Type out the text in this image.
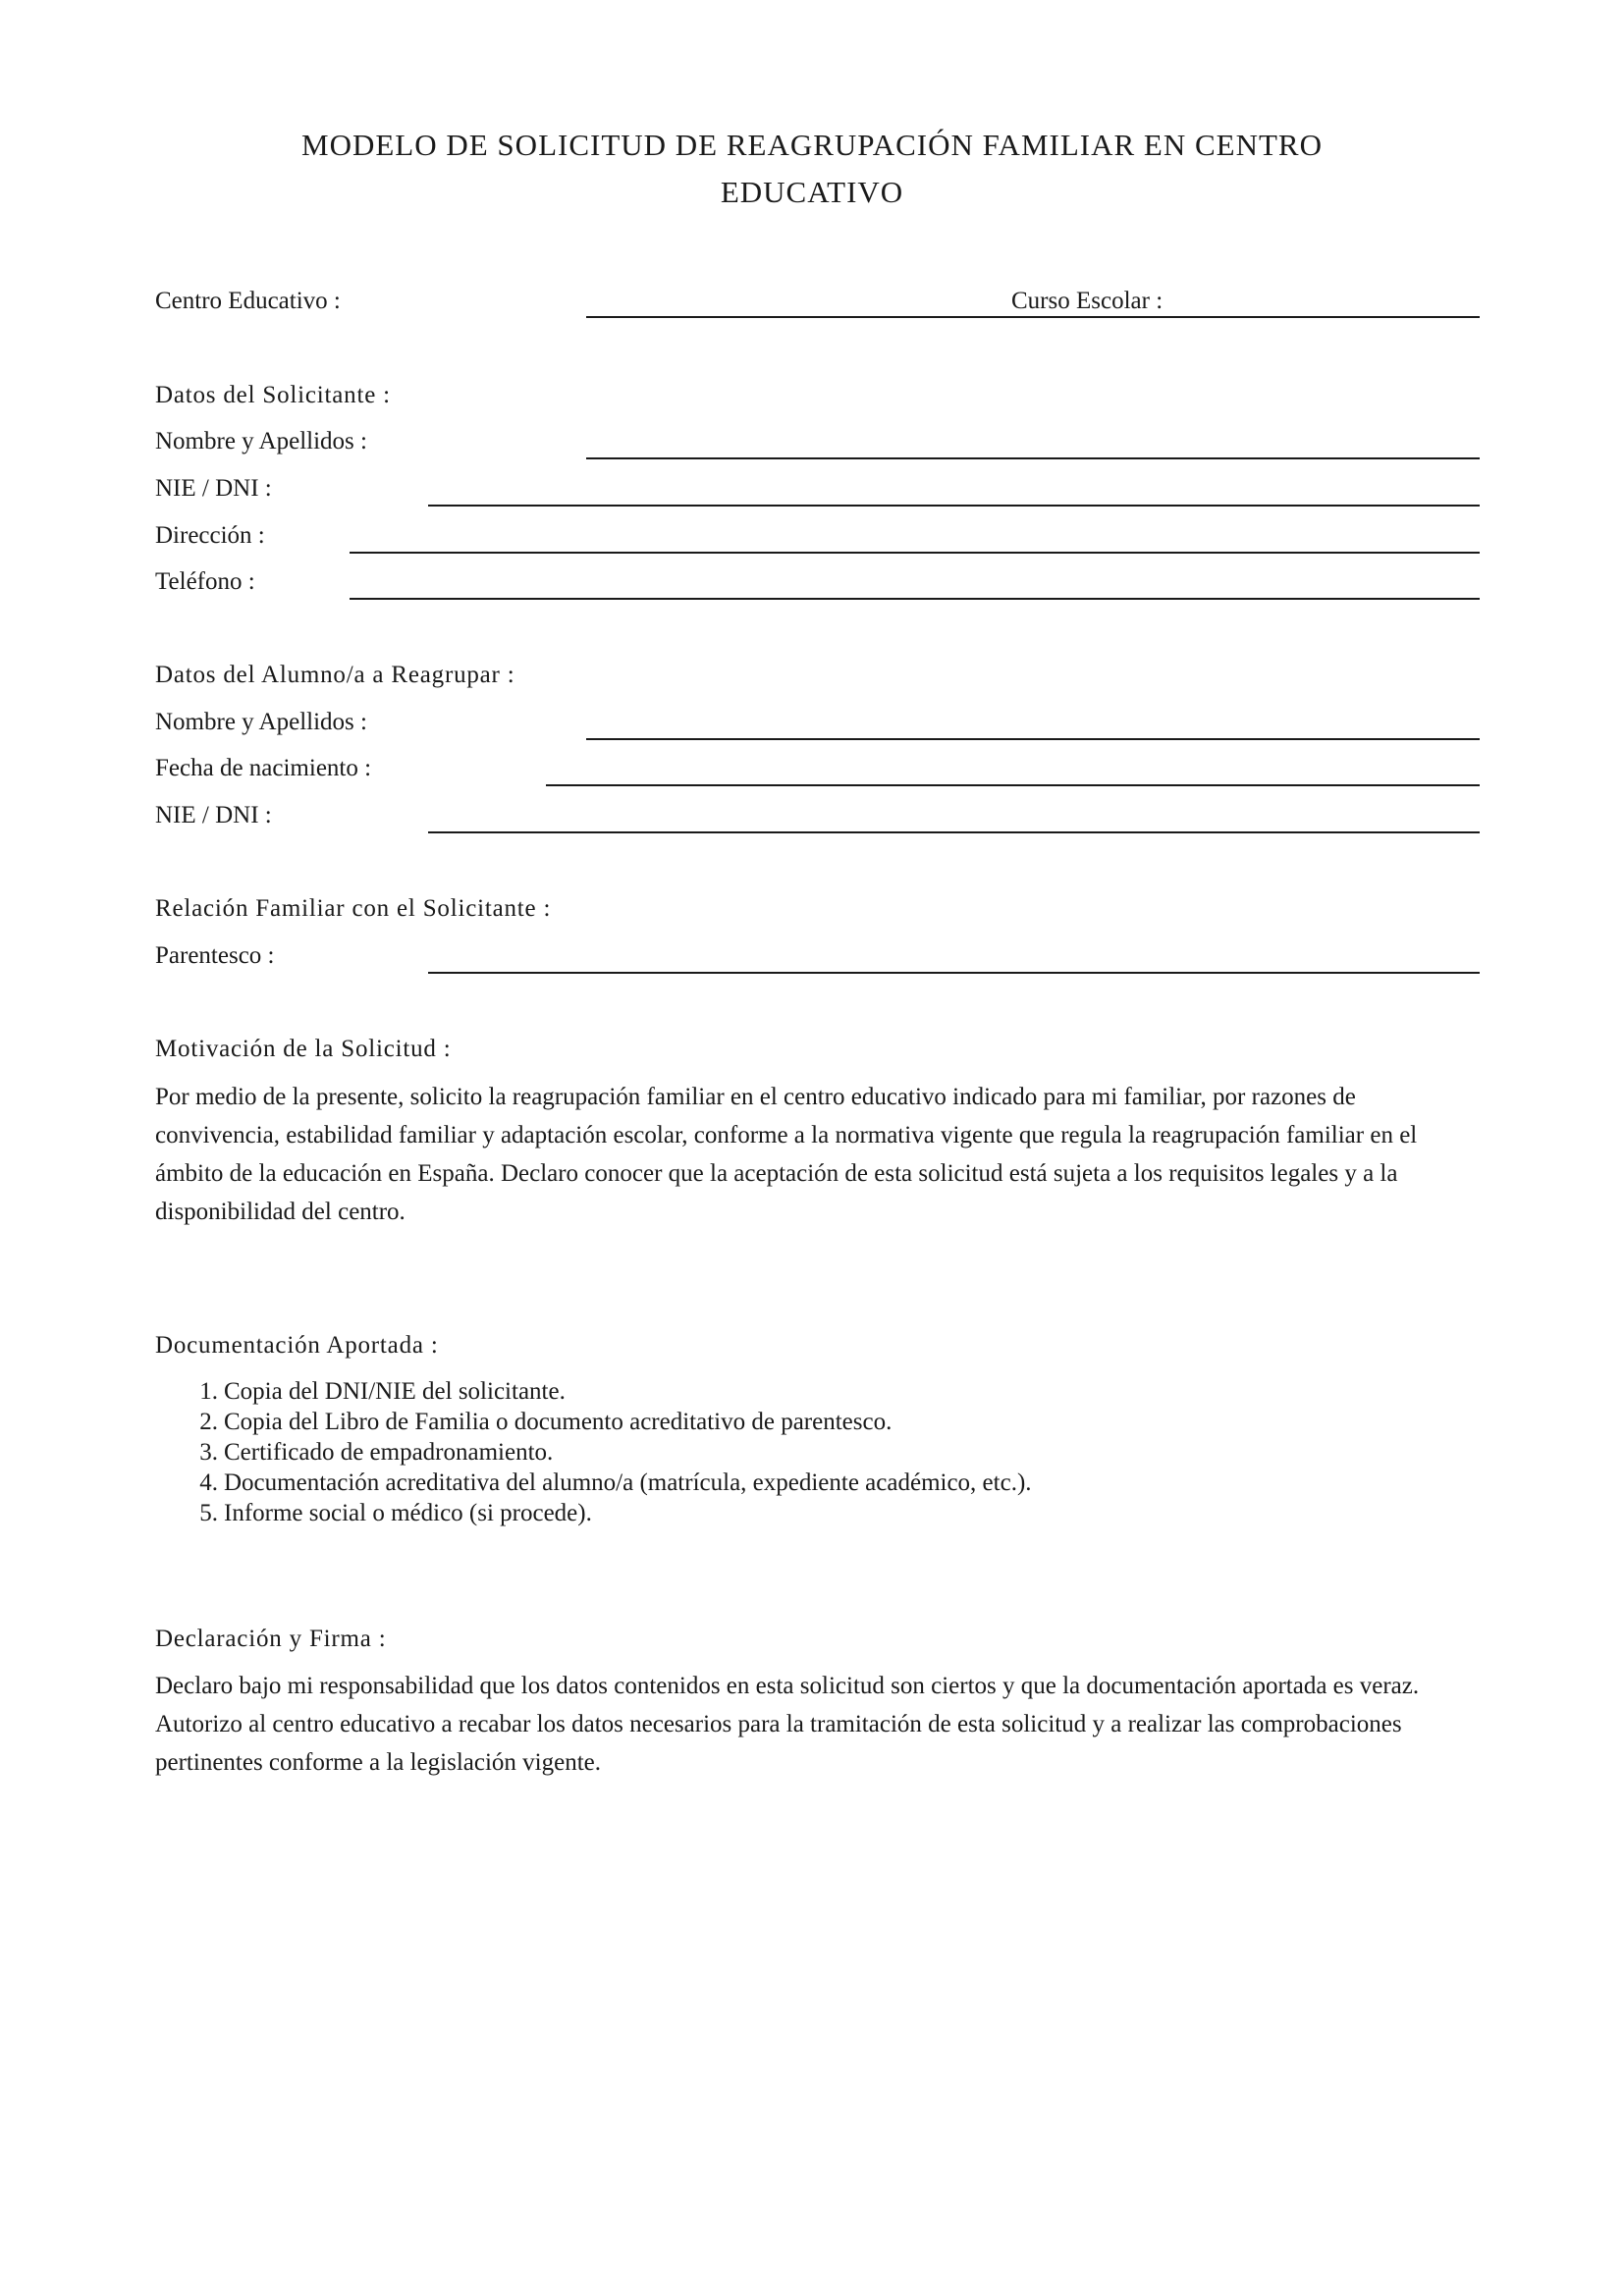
MODELO DE SOLICITUD DE REAGRUPACIÓN FAMILIAR EN CENTRO
EDUCATIVO
Centro Educativo :	Curso Escolar :
Datos del Solicitante :
Nombre y Apellidos :
NIE / DNI :
Dirección :
Teléfono :
Datos del Alumno/a a Reagrupar :
Nombre y Apellidos :
Fecha de nacimiento :
NIE / DNI :
Relación Familiar con el Solicitante :
Parentesco :
Motivación de la Solicitud :

Por medio de la presente, solicito la reagrupación familiar en el centro educativo indicado para mi familiar, por razones de convivencia, estabilidad familiar y adaptación escolar, conforme a la normativa vigente que regula la reagrupación familiar en el ámbito de la educación en España. Declaro conocer que la aceptación de esta solicitud está sujeta a los requisitos legales y a la disponibilidad del centro.

Documentación Aportada :
1. Copia del DNI/NIE del solicitante.
2. Copia del Libro de Familia o documento acreditativo de parentesco.
3. Certificado de empadronamiento.
4. Documentación acreditativa del alumno/a (matrícula, expediente académico, etc.).
5. Informe social o médico (si procede).
Declaración y Firma :

Declaro bajo mi responsabilidad que los datos contenidos en esta solicitud son ciertos y que la documentación aportada es veraz. Autorizo al centro educativo a recabar los datos necesarios para la tramitación de esta solicitud y a realizar las comprobaciones pertinentes conforme a la legislación vigente.
